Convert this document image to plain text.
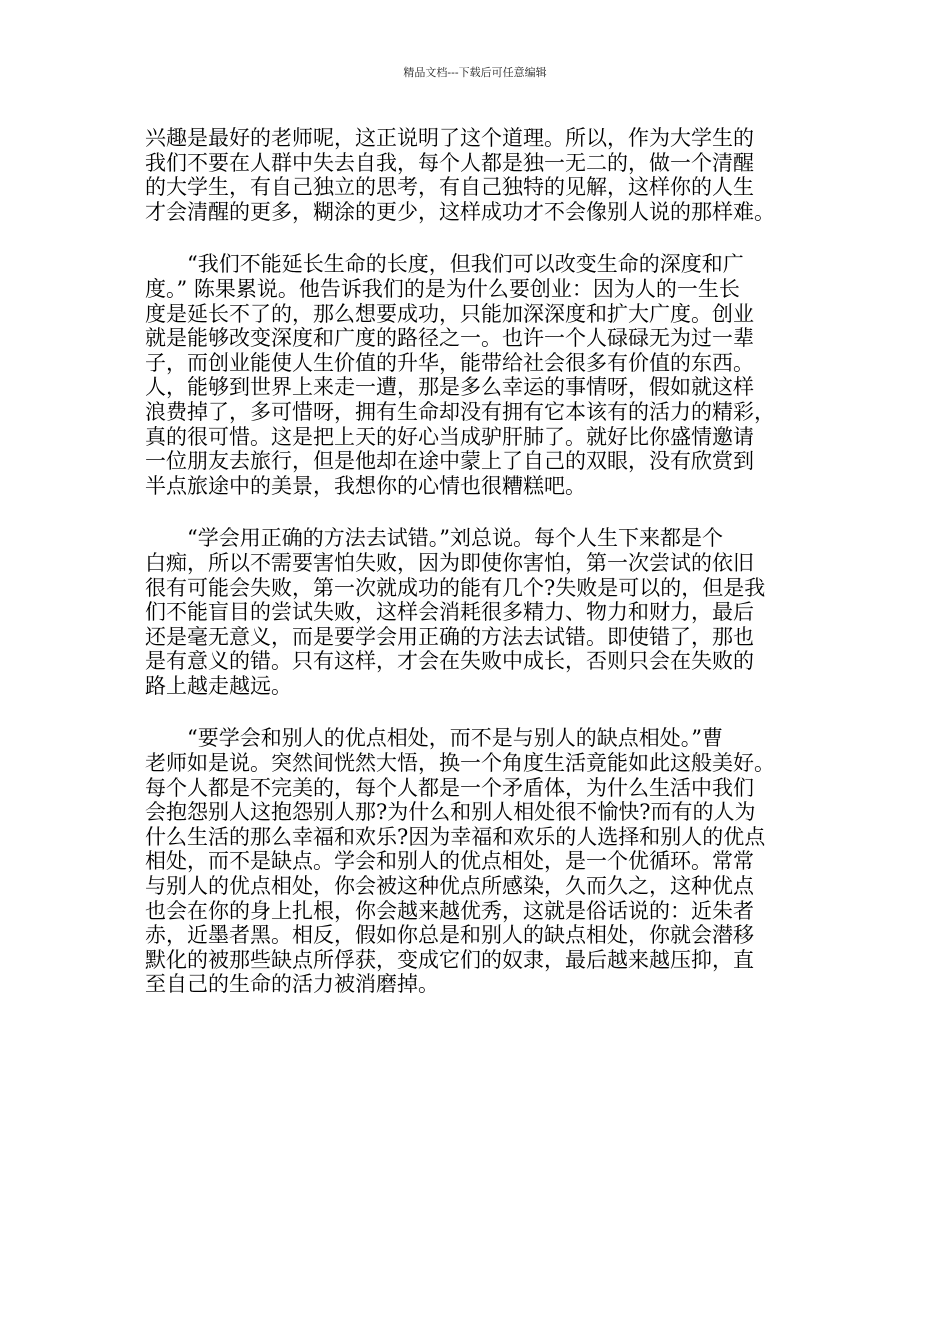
精品文档---下载后可任意编辑

兴趣是最好的老师呢，这正说明了这个道理。所以，作为大学生的
我们不要在人群中失去自我，每个人都是独一无二的，做一个清醒
的大学生，有自己独立的思考，有自己独特的见解，这样你的人生
才会清醒的更多，糊涂的更少，这样成功才不会像别人说的那样难。

　　“我们不能延长生命的长度，但我们可以改变生命的深度和广
度。” 陈果累说。他告诉我们的是为什么要创业：因为人的一生长
度是延长不了的，那么想要成功，只能加深深度和扩大广度。创业
就是能够改变深度和广度的路径之一。也许一个人碌碌无为过一辈
子，而创业能使人生价值的升华，能带给社会很多有价值的东西。
人，能够到世界上来走一遭，那是多么幸运的事情呀，假如就这样
浪费掉了，多可惜呀，拥有生命却没有拥有它本该有的活力的精彩，
真的很可惜。这是把上天的好心当成驴肝肺了。就好比你盛情邀请
一位朋友去旅行，但是他却在途中蒙上了自己的双眼，没有欣赏到
半点旅途中的美景，我想你的心情也很糟糕吧。

　　“学会用正确的方法去试错。”刘总说。每个人生下来都是个
白痴，所以不需要害怕失败，因为即使你害怕，第一次尝试的依旧
很有可能会失败，第一次就成功的能有几个?失败是可以的，但是我
们不能盲目的尝试失败，这样会消耗很多精力、物力和财力，最后
还是毫无意义，而是要学会用正确的方法去试错。即使错了，那也
是有意义的错。只有这样，才会在失败中成长，否则只会在失败的
路上越走越远。

　　“要学会和别人的优点相处，而不是与别人的缺点相处。”曹
老师如是说。突然间恍然大悟，换一个角度生活竟能如此这般美好。
每个人都是不完美的，每个人都是一个矛盾体，为什么生活中我们
会抱怨别人这抱怨别人那?为什么和别人相处很不愉快?而有的人为
什么生活的那么幸福和欢乐?因为幸福和欢乐的人选择和别人的优点
相处，而不是缺点。学会和别人的优点相处，是一个优循环。常常
与别人的优点相处，你会被这种优点所感染，久而久之，这种优点
也会在你的身上扎根，你会越来越优秀，这就是俗话说的：近朱者
赤，近墨者黑。相反，假如你总是和别人的缺点相处，你就会潜移
默化的被那些缺点所俘获，变成它们的奴隶，最后越来越压抑，直
至自己的生命的活力被消磨掉。
